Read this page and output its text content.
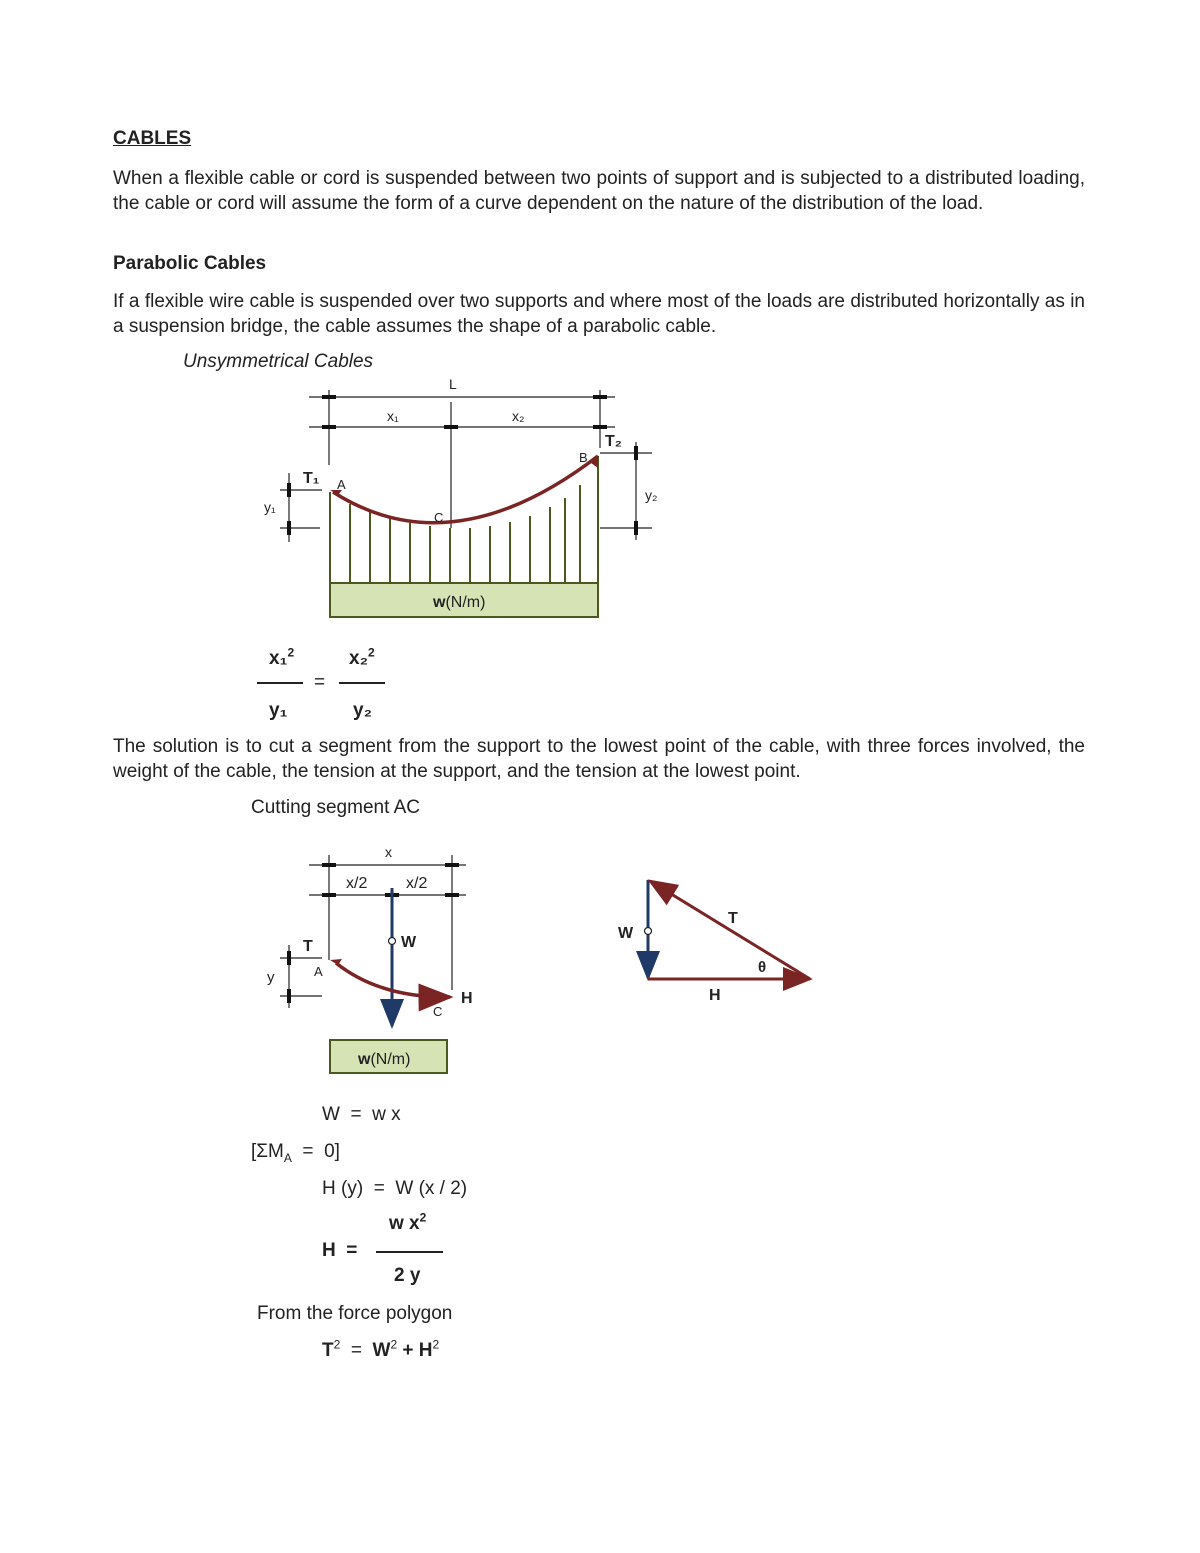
CABLES
When a flexible cable or cord is suspended between two points of support and is subjected to a distributed loading, the cable or cord will assume the form of a curve dependent on the nature of the distribution of the load.
Parabolic Cables
If a flexible wire cable is suspended over two supports and where most of the loads are distributed horizontally as in a suspension bridge, the cable assumes the shape of a parabolic cable.
Unsymmetrical Cables
L
x₁	x₂
A
B
C
y₁
y₂
T₁
T₂
w(N/m)
x₁$^2$	x₂$^2$
=
y₁	y₂
The solution is to cut a segment from the support to the lowest point of the cable, with three forces involved, the weight of the cable, the tension at the support, and the tension at the lowest point.
Cutting segment AC
x
x/2 x/2
y	A
C
T	W
H
w(N/m)
W
T
θ
H
W  =  w x
$[\Sigma M_A = 0]$
H (y)  =  W (x / 2)
H  =
w $x^2$
2 y
From the force polygon
$T^2 = W^2 + H^2$
